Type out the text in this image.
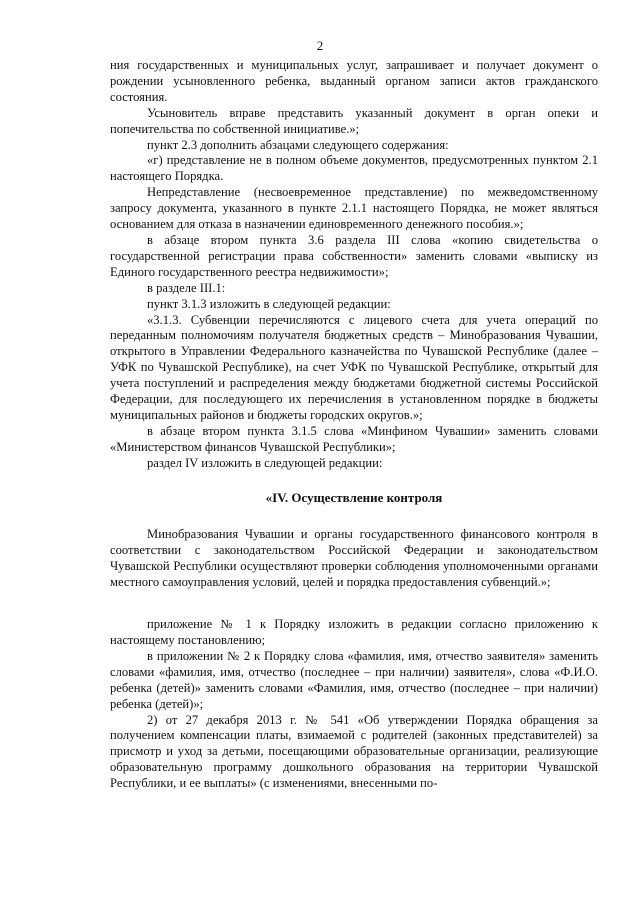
2

ния государственных и муниципальных услуг, запрашивает и получает документ о рождении усыновленного ребенка, выданный органом записи актов гражданского состояния.

Усыновитель вправе представить указанный документ в орган опеки и попечительства по собственной инициативе.»;

пункт 2.3 дополнить абзацами следующего содержания:

«г) представление не в полном объеме документов, предусмотренных пунктом 2.1 настоящего Порядка.

Непредставление (несвоевременное представление) по межведомственному запросу документа, указанного в пункте 2.1.1 настоящего Порядка, не может являться основанием для отказа в назначении единовременного денежного пособия.»;

в абзаце втором пункта 3.6 раздела III слова «копию свидетельства о государственной регистрации права собственности» заменить словами «выписку из Единого государственного реестра недвижимости»;

в разделе III.1:

пункт 3.1.3 изложить в следующей редакции:

«3.1.3. Субвенции перечисляются с лицевого счета для учета операций по переданным полномочиям получателя бюджетных средств – Минобразования Чувашии, открытого в Управлении Федерального казначейства по Чувашской Республике (далее – УФК по Чувашской Республике), на счет УФК по Чувашской Республике, открытый для учета поступлений и распределения между бюджетами бюджетной системы Российской Федерации, для последующего их перечисления в установленном порядке в бюджеты муниципальных районов и бюджеты городских округов.»;

в абзаце втором пункта 3.1.5 слова «Минфином Чувашии» заменить словами «Министерством финансов Чувашской Республики»;

раздел IV изложить в следующей редакции:

«IV. Осуществление контроля

Минобразования Чувашии и органы государственного финансового контроля в соответствии с законодательством Российской Федерации и законодательством Чувашской Республики осуществляют проверки соблюдения уполномоченными органами местного самоуправления условий, целей и порядка предоставления субвенций.»;

приложение № 1 к Порядку изложить в редакции согласно приложению к настоящему постановлению;

в приложении № 2 к Порядку слова «фамилия, имя, отчество заявителя» заменить словами «фамилия, имя, отчество (последнее – при наличии) заявителя», слова «Ф.И.О. ребенка (детей)» заменить словами «Фамилия, имя, отчество (последнее – при наличии) ребенка (детей)»;

2) от 27 декабря 2013 г. № 541 «Об утверждении Порядка обращения за получением компенсации платы, взимаемой с родителей (законных представителей) за присмотр и уход за детьми, посещающими образовательные организации, реализующие образовательную программу дошкольного образования на территории Чувашской Республики, и ее выплаты» (с изменениями, внесенными по-
